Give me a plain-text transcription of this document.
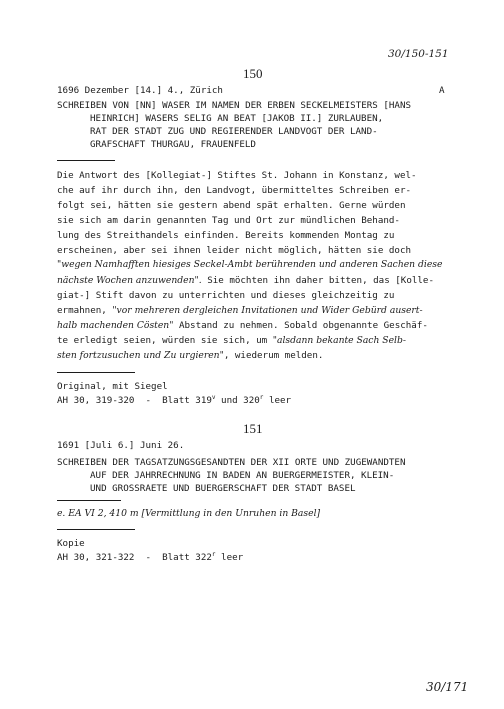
30/150-151
150
1696 Dezember [14.] 4., Zürich	A
SCHREIBEN VON [NN] WASER IM NAMEN DER ERBEN SECKELMEISTERS [HANS
HEINRICH] WASERS SELIG AN BEAT [JAKOB II.] ZURLAUBEN,
RAT DER STADT ZUG UND REGIERENDER LANDVOGT DER LAND-
GRAFSCHAFT THURGAU, FRAUENFELD
Die Antwort des [Kollegiat-] Stiftes St. Johann in Konstanz, wel-
che auf ihr durch ihn, den Landvogt, übermitteltes Schreiben er-
folgt sei, hätten sie gestern abend spät erhalten. Gerne würden
sie sich am darin genannten Tag und Ort zur mündlichen Behand-
lung des Streithandels einfinden. Bereits kommenden Montag zu
erscheinen, aber sei ihnen leider nicht möglich, hätten sie doch
"wegen Namhafften hiesiges Seckel-Ambt berührenden und anderen Sachen diese
nächste Wochen anzuwenden". Sie möchten ihn daher bitten, das [Kolle-
giat-] Stift davon zu unterrichten und dieses gleichzeitig zu
ermahnen, "vor mehreren dergleichen Invitationen und Wider Gebürd ausert-
halb machenden Cösten" Abstand zu nehmen. Sobald obgenannte Geschäf-
te erledigt seien, würden sie sich, um "alsdann bekante Sach Selb-
sten fortzusuchen und Zu urgieren", wiederum melden.
Original, mit Siegel
AH 30, 319-320  -  Blatt 319$^v$ und 320$^r$ leer
151
1691 [Juli 6.] Juni 26.
SCHREIBEN DER TAGSATZUNGSGESANDTEN DER XII ORTE UND ZUGEWANDTEN
AUF DER JAHRRECHNUNG IN BADEN AN BUERGERMEISTER, KLEIN-
UND GROSSRAETE UND BUERGERSCHAFT DER STADT BASEL
e. EA VI 2, 410 m [Vermittlung in den Unruhen in Basel]
Kopie
AH 30, 321-322  -  Blatt 322$^r$ leer
30/171
